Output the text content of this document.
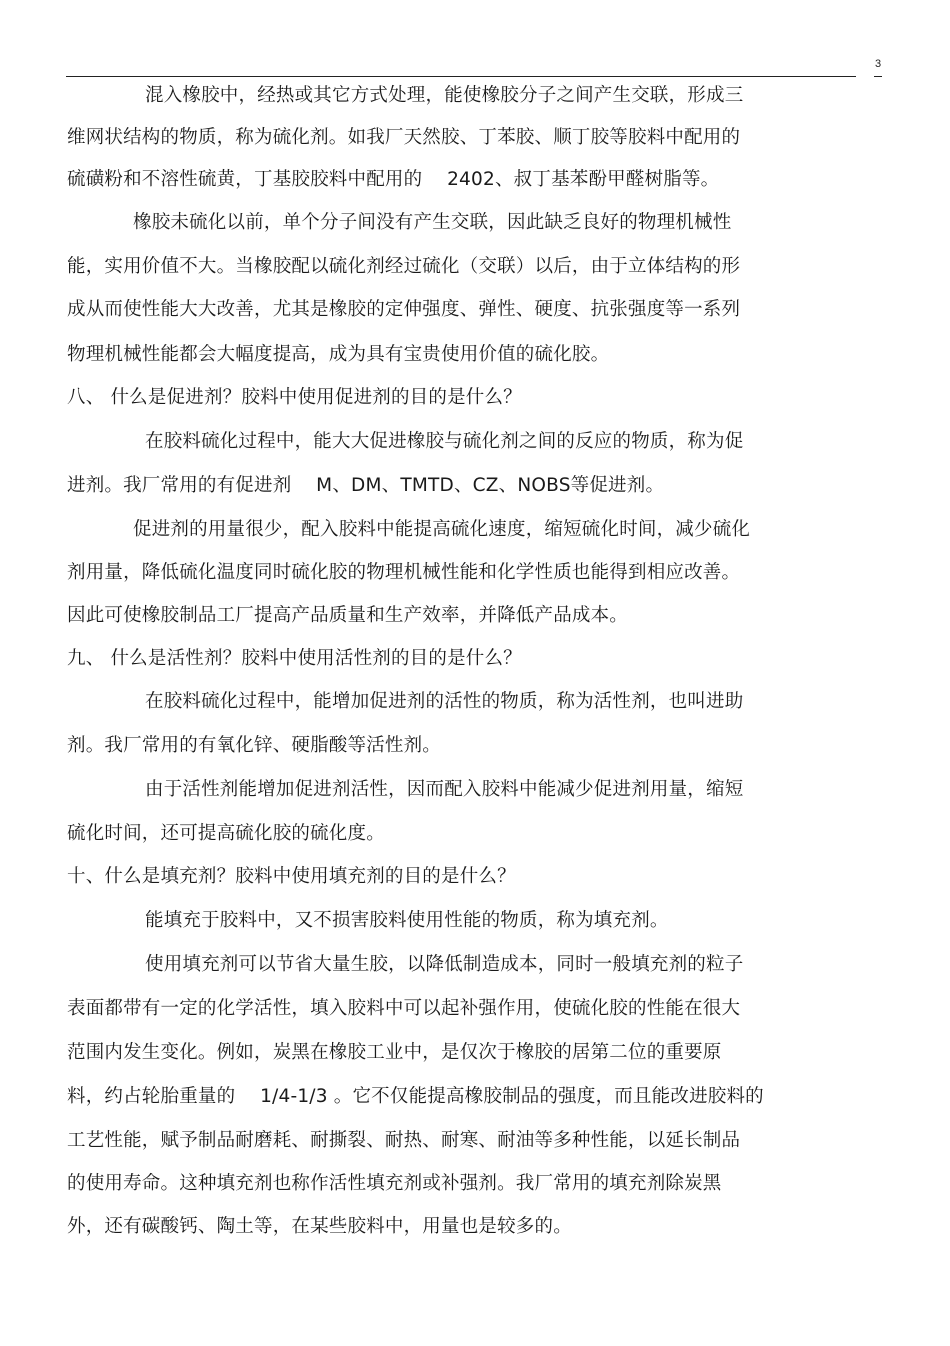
3
混入橡胶中，经热或其它方式处理，能使橡胶分子之间产生交联，形成三
维网状结构的物质，称为硫化剂。如我厂天然胶、丁苯胶、顺丁胶等胶料中配用的
硫磺粉和不溶性硫黄，丁基胶胶料中配用的　 2402、叔丁基苯酚甲醛树脂等。
橡胶未硫化以前，单个分子间没有产生交联，因此缺乏良好的物理机械性
能，实用价值不大。当橡胶配以硫化剂经过硫化（交联）以后，由于立体结构的形
成从而使性能大大改善，尤其是橡胶的定伸强度、弹性、硬度、抗张强度等一系列
物理机械性能都会大幅度提高，成为具有宝贵使用价值的硫化胶。
八、 什么是促进剂？胶料中使用促进剂的目的是什么？
在胶料硫化过程中，能大大促进橡胶与硫化剂之间的反应的物质，称为促
进剂。我厂常用的有促进剂　 M、DM、TMTD、CZ、NOBS等促进剂。
促进剂的用量很少，配入胶料中能提高硫化速度，缩短硫化时间，减少硫化
剂用量，降低硫化温度同时硫化胶的物理机械性能和化学性质也能得到相应改善。
因此可使橡胶制品工厂提高产品质量和生产效率，并降低产品成本。
九、 什么是活性剂？胶料中使用活性剂的目的是什么？
在胶料硫化过程中，能增加促进剂的活性的物质，称为活性剂，也叫进助
剂。我厂常用的有氧化锌、硬脂酸等活性剂。
由于活性剂能增加促进剂活性，因而配入胶料中能减少促进剂用量，缩短
硫化时间，还可提高硫化胶的硫化度。
十、什么是填充剂？胶料中使用填充剂的目的是什么？
能填充于胶料中，又不损害胶料使用性能的物质，称为填充剂。
使用填充剂可以节省大量生胶，以降低制造成本，同时一般填充剂的粒子
表面都带有一定的化学活性，填入胶料中可以起补强作用，使硫化胶的性能在很大
范围内发生变化。例如，炭黑在橡胶工业中，是仅次于橡胶的居第二位的重要原
料，约占轮胎重量的　 1/4-1/3 。它不仅能提高橡胶制品的强度，而且能改进胶料的
工艺性能，赋予制品耐磨耗、耐撕裂、耐热、耐寒、耐油等多种性能，以延长制品
的使用寿命。这种填充剂也称作活性填充剂或补强剂。我厂常用的填充剂除炭黑
外，还有碳酸钙、陶土等，在某些胶料中，用量也是较多的。
